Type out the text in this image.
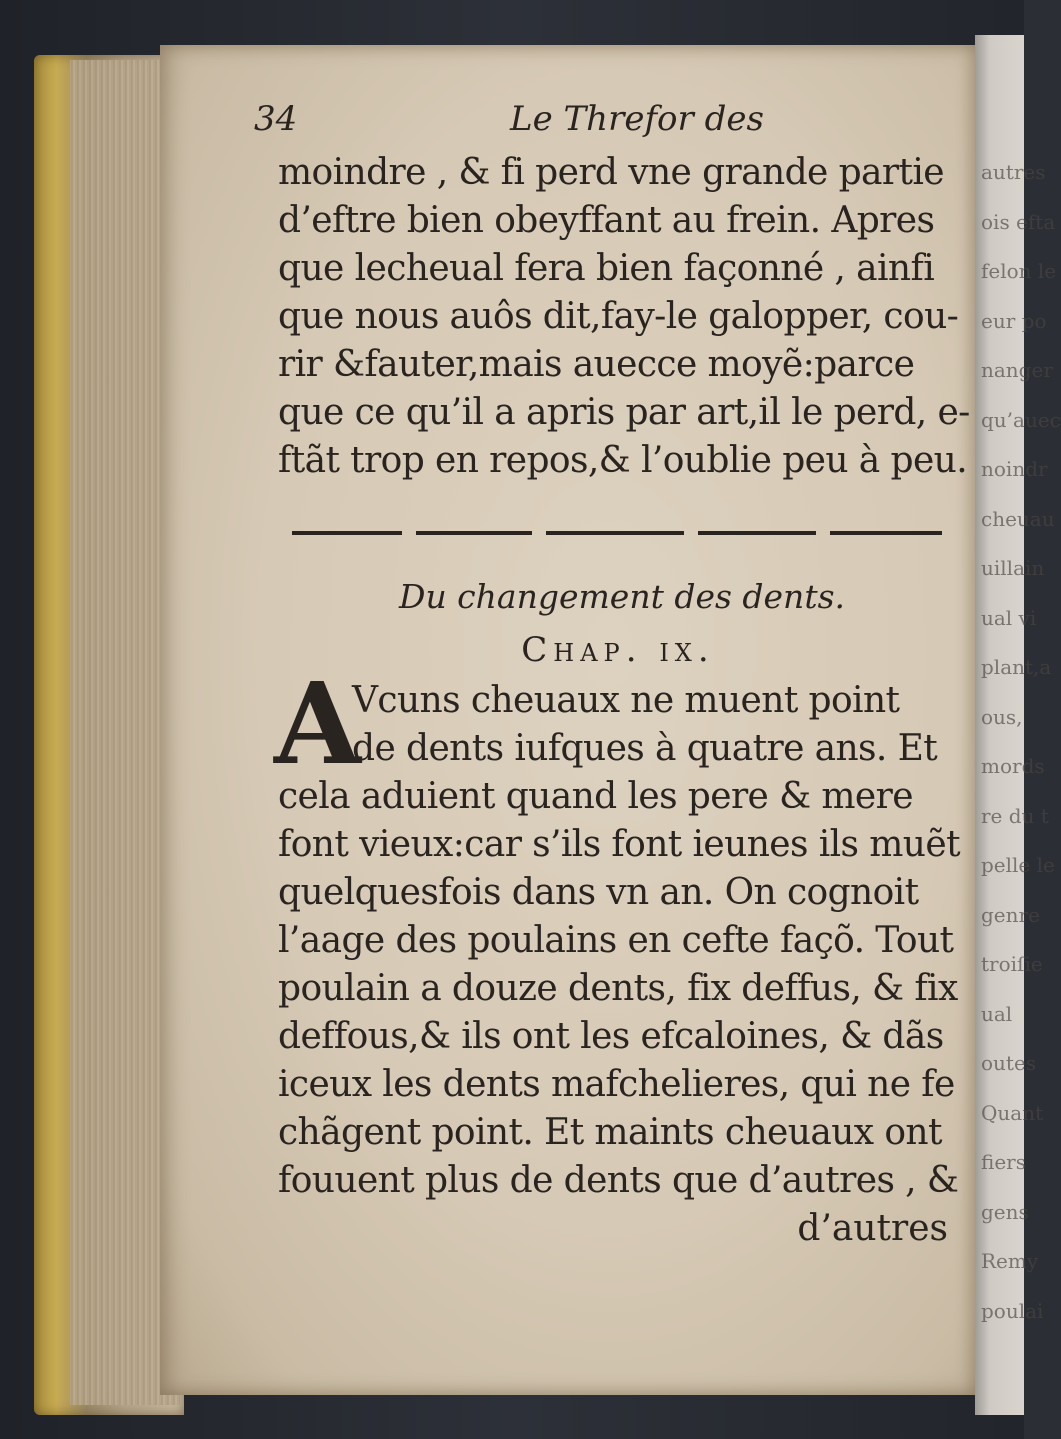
autres
ois efta
felon le
eur po
nanger
qu’auec
noindr
cheuau
uillain
ual vi
plant,a
ous,
mords
re du t
pelle le
genre
troiſie
ual
outes
Quant
fiers
gens
Remy
poulai
34	Le Threfor des
moindre , & fi perd vne grande partie
d’eftre bien obeyffant au frein. Apres
que lecheual fera bien façonné , ainfi
que nous auôs dit,fay-le galopper, cou-
rir &fauter,mais auecce moyẽ:parce
que ce qu’il a apris par art,il le perd, e-
ftãt trop en repos,& l’oublie peu à peu.
Du changement des dents.
Chap. ix.
A
Vcuns cheuaux ne muent point
de dents iufques à quatre ans. Et
cela aduient quand les pere & mere
font vieux:car s’ils font ieunes ils muẽt
quelquesfois dans vn an. On cognoit
l’aage des poulains en cefte façõ. Tout
poulain a douze dents, fix deffus, & fix
deffous,& ils ont les efcaloines, & dãs
iceux les dents mafchelieres, qui ne fe
chãgent point. Et maints cheuaux ont
fouuent plus de dents que d’autres , &
d’autres
